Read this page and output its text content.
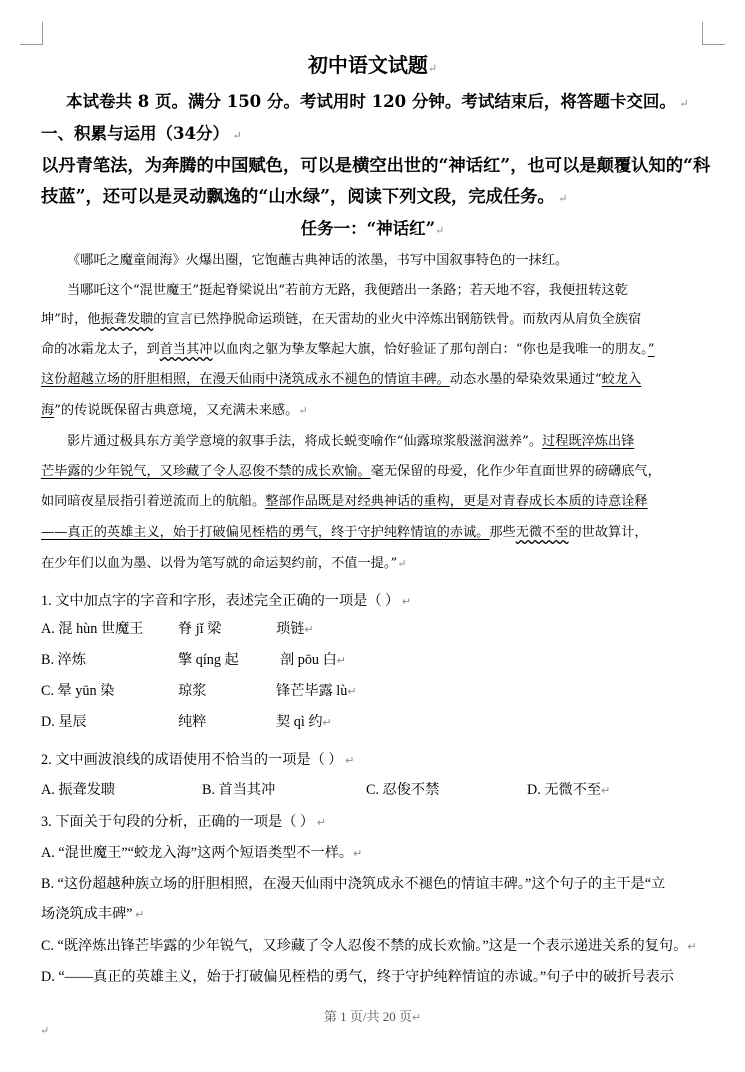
初中语文试题↵
本试卷共 8 页。满分 150 分。考试用时 120 分钟。考试结束后，将答题卡交回。 ↵
一、积累与运用（34分） ↵
以丹青笔法，为奔腾的中国赋色，可以是横空出世的“神话红”，也可以是颠覆认知的“科
技蓝”，还可以是灵动飘逸的“山水绿”，阅读下列文段，完成任务。 ↵
任务一：“神话红”↵
《哪吒之魔童闹海》火爆出圈，它饱蘸古典神话的浓墨，书写中国叙事特色的一抹红。
当哪吒这个“混世魔王”挺起脊梁说出“若前方无路，我便踏出一条路；若天地不容，我便扭转这乾
坤”时，他振聋发聩的宣言已然挣脱命运琐链，在天雷劫的业火中淬炼出钢筋铁骨。而敖丙从肩负全族宿
命的冰霜龙太子，到首当其冲以血肉之躯为挚友擎起大旗，恰好验证了那句剖白：“你也是我唯一的朋友。”
这份超越立场的肝胆相照，在漫天仙雨中浇筑成永不褪色的情谊丰碑。动态水墨的晕染效果通过“蛟龙入
海”的传说既保留古典意境，又充满未来感。↵
影片通过极具东方美学意境的叙事手法，将成长蜕变喻作“仙露琼浆般滋润滋养”。过程既淬炼出锋
芒毕露的少年锐气，又珍藏了令人忍俊不禁的成长欢愉。毫无保留的母爱，化作少年直面世界的磅礴底气，
如同暗夜星辰指引着逆流而上的航船。整部作品既是对经典神话的重构，更是对青春成长本质的诗意诠释
——真正的英雄主义，始于打破偏见桎梏的勇气，终于守护纯粹情谊的赤诚。那些无微不至的世故算计，
在少年们以血为墨、以骨为笔写就的命运契约前，不值一提。”↵
1. 文中加点字的字音和字形，表述完全正确的一项是（ ） ↵
A. 混 hùn 世魔王 脊 jǐ 梁	琐链↵
B. 淬炼	擎 qíng 起	剖 pōu 白↵
C. 晕 yūn 染	琼浆	锋芒毕露 lù↵
D. 星辰	纯粹	契 qì 约↵
2. 文中画波浪线的成语使用不恰当的一项是（ ） ↵
A. 振聋发聩	B. 首当其冲	C. 忍俊不禁	D. 无微不至↵
3. 下面关于句段的分析，正确的一项是（ ） ↵
A. “混世魔王”“蛟龙入海”这两个短语类型不一样。↵
B. “这份超越种族立场的肝胆相照，在漫天仙雨中浇筑成永不褪色的情谊丰碑。”这个句子的主干是“立
场浇筑成丰碑” ↵
C. “既淬炼出锋芒毕露的少年锐气，又珍藏了令人忍俊不禁的成长欢愉。”这是一个表示递进关系的复句。↵
D. “——真正的英雄主义，始于打破偏见桎梏的勇气，终于守护纯粹情谊的赤诚。”句子中的破折号表示
第 1 页/共 20 页↵
↵
